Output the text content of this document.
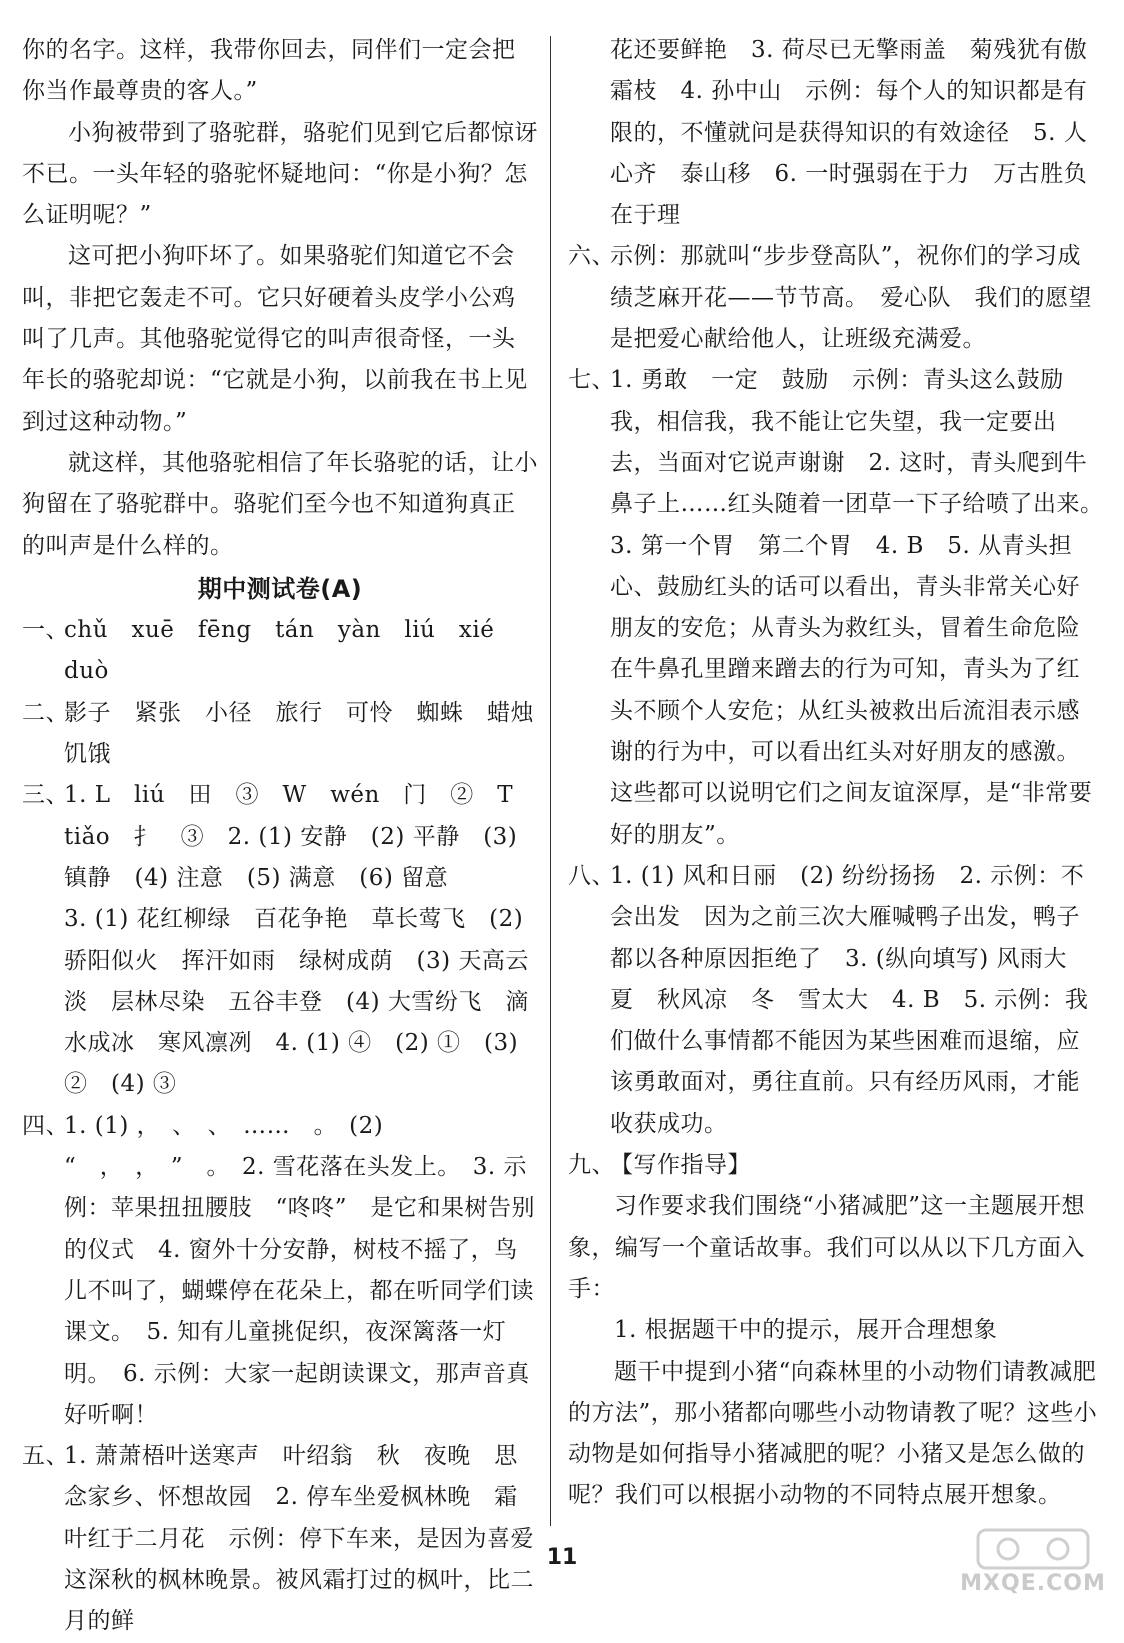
你的名字。这样，我带你回去，同伴们一定会把你当作最尊贵的客人。”

小狗被带到了骆驼群，骆驼们见到它后都惊讶不已。一头年轻的骆驼怀疑地问：“你是小狗？怎么证明呢？”

这可把小狗吓坏了。如果骆驼们知道它不会叫，非把它轰走不可。它只好硬着头皮学小公鸡叫了几声。其他骆驼觉得它的叫声很奇怪，一头年长的骆驼却说：“它就是小狗，以前我在书上见到过这种动物。”

就这样，其他骆驼相信了年长骆驼的话，让小狗留在了骆驼群中。骆驼们至今也不知道狗真正的叫声是什么样的。

期中测试卷(A)

一、chǔ　xuē　fēng　tán　yàn　liú　xié　duò

二、影子　紧张　小径　旅行　可怜　蜘蛛　蜡烛　饥饿

三、1. L　liú　田　③　W　wén　门　②　T　tiǎo　扌　③　2. (1) 安静　(2) 平静　(3) 镇静　(4) 注意　(5) 满意　(6) 留意

3. (1) 花红柳绿　百花争艳　草长莺飞　(2) 骄阳似火　挥汗如雨　绿树成荫　(3) 天高云淡　层林尽染　五谷丰登　(4) 大雪纷飞　滴水成冰　寒风凛冽　4. (1) ④　(2) ①　(3) ②　(4) ③

四、1. (1) ，　、　、　……　。　(2) “　，　，　”　。　2. 雪花落在头发上。　3. 示例：苹果扭扭腰肢　“咚咚”　是它和果树告别的仪式　4. 窗外十分安静，树枝不摇了，鸟儿不叫了，蝴蝶停在花朵上，都在听同学们读课文。　5. 知有儿童挑促织，夜深篱落一灯明。　6. 示例：大家一起朗读课文，那声音真好听啊！

五、1. 萧萧梧叶送寒声　叶绍翁　秋　夜晚　思念家乡、怀想故园　2. 停车坐爱枫林晚　霜叶红于二月花　示例：停下车来，是因为喜爱这深秋的枫林晚景。被风霜打过的枫叶，比二月的鲜

花还要鲜艳　3. 荷尽已无擎雨盖　菊残犹有傲霜枝　4. 孙中山　示例：每个人的知识都是有限的，不懂就问是获得知识的有效途径　5. 人心齐　泰山移　6. 一时强弱在于力　万古胜负在于理

六、示例：那就叫“步步登高队”，祝你们的学习成绩芝麻开花——节节高。　爱心队　我们的愿望是把爱心献给他人，让班级充满爱。

七、1. 勇敢　一定　鼓励　示例：青头这么鼓励我，相信我，我不能让它失望，我一定要出去，当面对它说声谢谢　2. 这时，青头爬到牛鼻子上……红头随着一团草一下子给喷了出来。　3. 第一个胃　第二个胃　4. B　5. 从青头担心、鼓励红头的话可以看出，青头非常关心好朋友的安危；从青头为救红头，冒着生命危险在牛鼻孔里蹭来蹭去的行为可知，青头为了红头不顾个人安危；从红头被救出后流泪表示感谢的行为中，可以看出红头对好朋友的感激。这些都可以说明它们之间友谊深厚，是“非常要好的朋友”。

八、1. (1) 风和日丽　(2) 纷纷扬扬　2. 示例：不会出发　因为之前三次大雁喊鸭子出发，鸭子都以各种原因拒绝了　3. (纵向填写) 风雨大　夏　秋风凉　冬　雪太大　4. B　5. 示例：我们做什么事情都不能因为某些困难而退缩，应该勇敢面对，勇往直前。只有经历风雨，才能收获成功。

九、【写作指导】

习作要求我们围绕“小猪减肥”这一主题展开想象，编写一个童话故事。我们可以从以下几方面入手：

1. 根据题干中的提示，展开合理想象

题干中提到小猪“向森林里的小动物们请教减肥的方法”，那小猪都向哪些小动物请教了呢？这些小动物是如何指导小猪减肥的呢？小猪又是怎么做的呢？我们可以根据小动物的不同特点展开想象。

11
MXQE.COM
